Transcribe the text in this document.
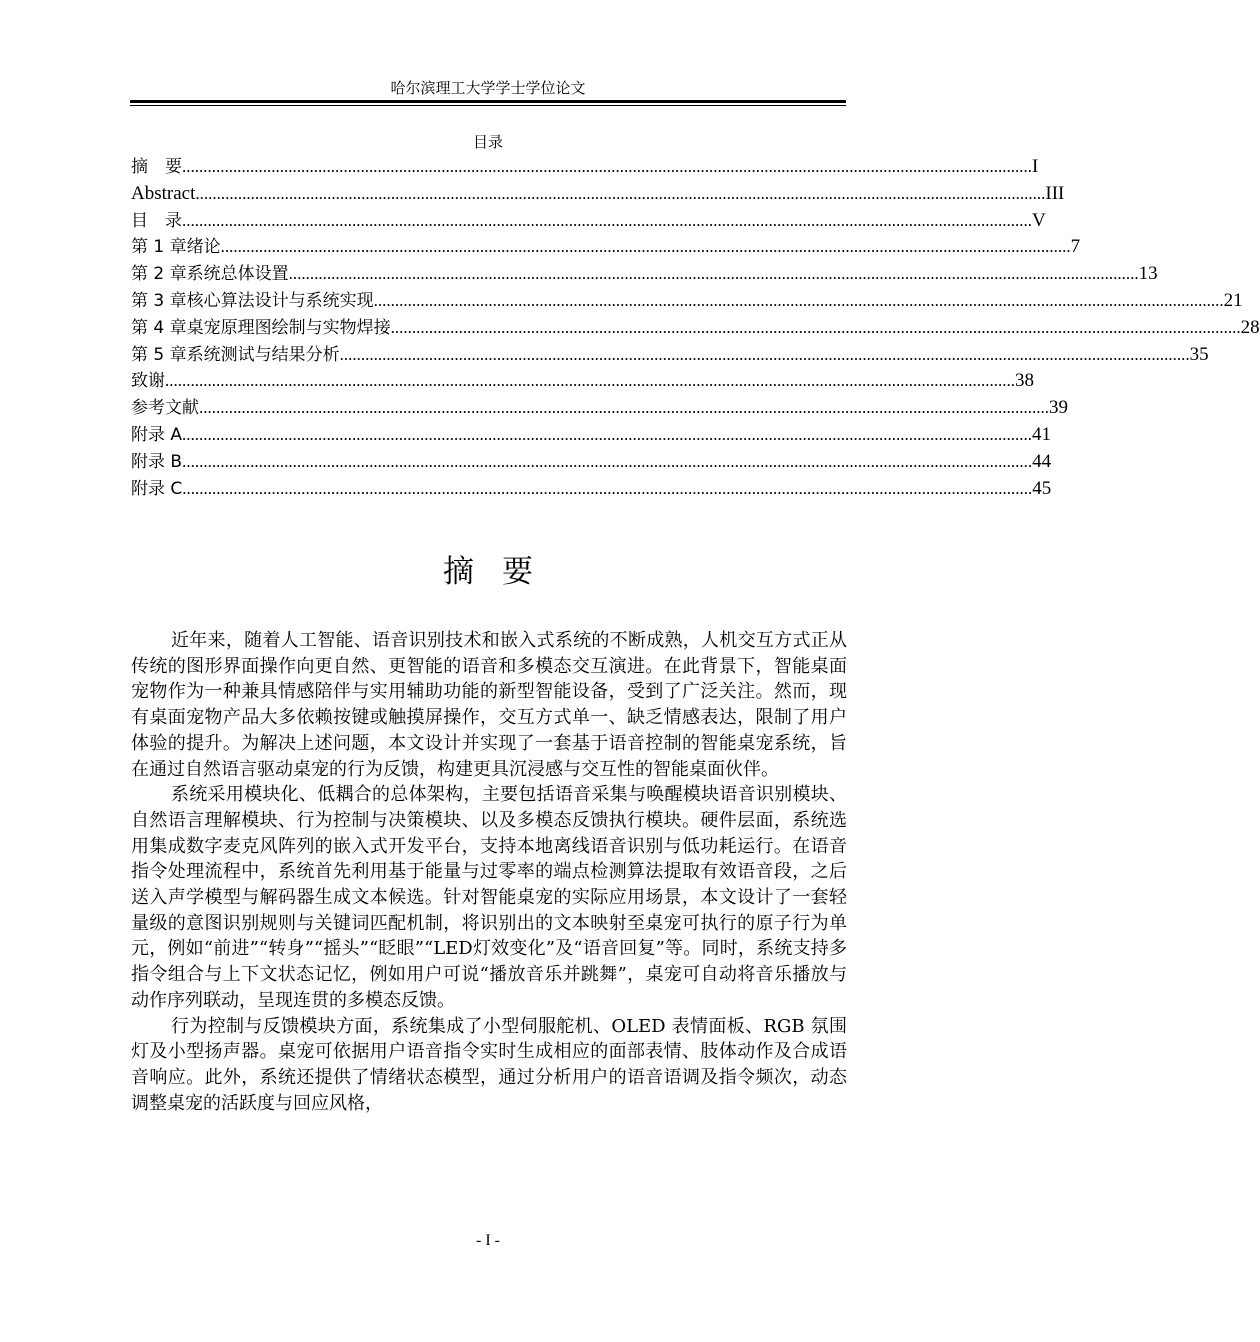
哈尔滨理工大学学士学位论文
目录
摘　要 ........................................................................................................................................................................................................ I
Abstract ........................................................................................................................................................................................................ III
目　录 ........................................................................................................................................................................................................ V
第 1 章绪论 ........................................................................................................................................................................................................ 7
第 2 章系统总体设置 ........................................................................................................................................................................................................ 13
第 3 章核心算法设计与系统实现 ........................................................................................................................................................................................................ 21
第 4 章桌宠原理图绘制与实物焊接 ........................................................................................................................................................................................................ 28
第 5 章系统测试与结果分析 ........................................................................................................................................................................................................ 35
致谢 ........................................................................................................................................................................................................ 38
参考文献 ........................................................................................................................................................................................................ 39
附录 A ........................................................................................................................................................................................................ 41
附录 B ........................................................................................................................................................................................................ 44
附录 C ........................................................................................................................................................................................................ 45
摘要

近年来，随着人工智能、语音识别技术和嵌入式系统的不断成熟，人机交互方式正从传统的图形界面操作向更自然、更智能的语音和多模态交互演进。在此背景下，智能桌面宠物作为一种兼具情感陪伴与实用辅助功能的新型智能设备，受到了广泛关注。然而，现有桌面宠物产品大多依赖按键或触摸屏操作，交互方式单一、缺乏情感表达，限制了用户体验的提升。为解决上述问题，本文设计并实现了一套基于语音控制的智能桌宠系统，旨在通过自然语言驱动桌宠的行为反馈，构建更具沉浸感与交互性的智能桌面伙伴。

系统采用模块化、低耦合的总体架构，主要包括语音采集与唤醒模块语音识别模块、自然语言理解模块、行为控制与决策模块、以及多模态反馈执行模块。硬件层面，系统选用集成数字麦克风阵列的嵌入式开发平台，支持本地离线语音识别与低功耗运行。在语音指令处理流程中，系统首先利用基于能量与过零率的端点检测算法提取有效语音段，之后送入声学模型与解码器生成文本候选。针对智能桌宠的实际应用场景，本文设计了一套轻量级的意图识别规则与关键词匹配机制，将识别出的文本映射至桌宠可执行的原子行为单元，例如“前进”“转身”“摇头”“眨眼”“LED灯效变化”及“语音回复”等。同时，系统支持多指令组合与上下文状态记忆，例如用户可说“播放音乐并跳舞”，桌宠可自动将音乐播放与动作序列联动，呈现连贯的多模态反馈。

行为控制与反馈模块方面，系统集成了小型伺服舵机、OLED 表情面板、RGB 氛围灯及小型扬声器。桌宠可依据用户语音指令实时生成相应的面部表情、肢体动作及合成语音响应。此外，系统还提供了情绪状态模型，通过分析用户的语音语调及指令频次，动态调整桌宠的活跃度与回应风格，

- I -
